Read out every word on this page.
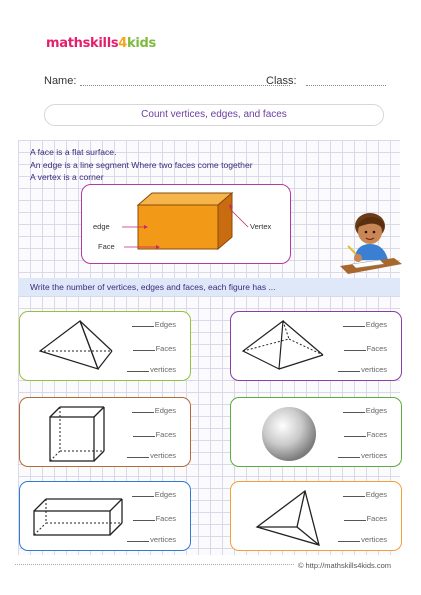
mathskills4kids
Name:	Class:
Count vertices, edges, and faces
A face is a flat surface.
An edge is a line segment Where two faces come together
A vertex is a corner
edge
Face
Vertex
Write the number of vertices, edges and faces, each figure has ...
Edges
Faces
vertices
Edges
Faces
vertices
Edges
Faces
vertices
Edges
Faces
vertices
Edges
Faces
vertices
Edges
Faces
vertices
© http://mathskills4kids.com
